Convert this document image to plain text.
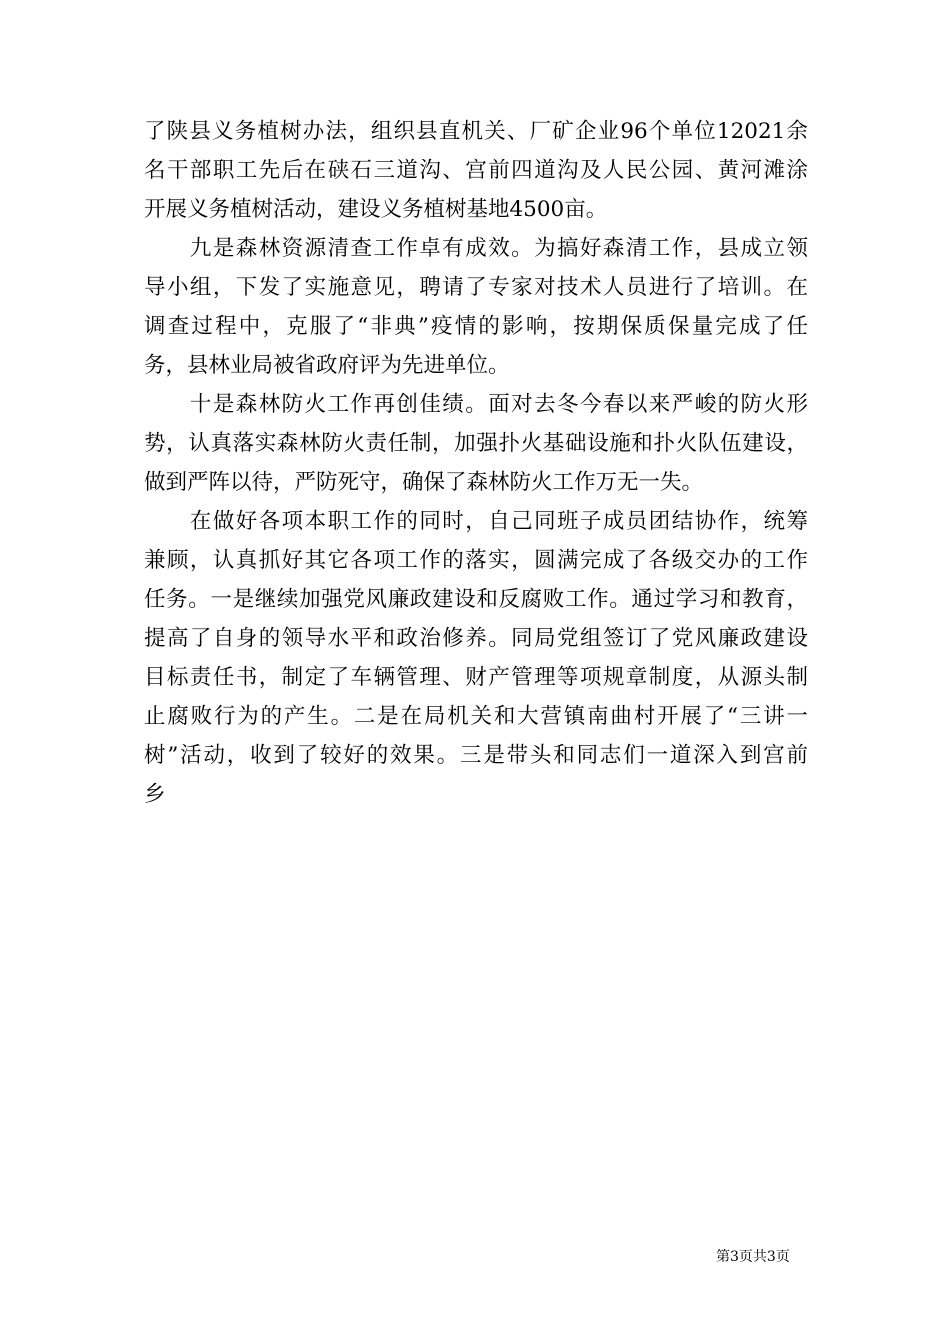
了陕县义务植树办法，组织县直机关、厂矿企业96个单位12021余
名干部职工先后在硖石三道沟、宫前四道沟及人民公园、黄河滩涂
开展义务植树活动，建设义务植树基地4500亩。
　　九是森林资源清查工作卓有成效。为搞好森清工作，县成立领
导小组，下发了实施意见，聘请了专家对技术人员进行了培训。在
调查过程中，克服了“非典”疫情的影响，按期保质保量完成了任
务，县林业局被省政府评为先进单位。
　　十是森林防火工作再创佳绩。面对去冬今春以来严峻的防火形
势，认真落实森林防火责任制，加强扑火基础设施和扑火队伍建设，
做到严阵以待，严防死守，确保了森林防火工作万无一失。
　　在做好各项本职工作的同时，自己同班子成员团结协作，统筹
兼顾，认真抓好其它各项工作的落实，圆满完成了各级交办的工作
任务。一是继续加强党风廉政建设和反腐败工作。通过学习和教育，
提高了自身的领导水平和政治修养。同局党组签订了党风廉政建设
目标责任书，制定了车辆管理、财产管理等项规章制度，从源头制
止腐败行为的产生。二是在局机关和大营镇南曲村开展了“三讲一
树”活动，收到了较好的效果。三是带头和同志们一道深入到宫前
乡
第3页共3页
